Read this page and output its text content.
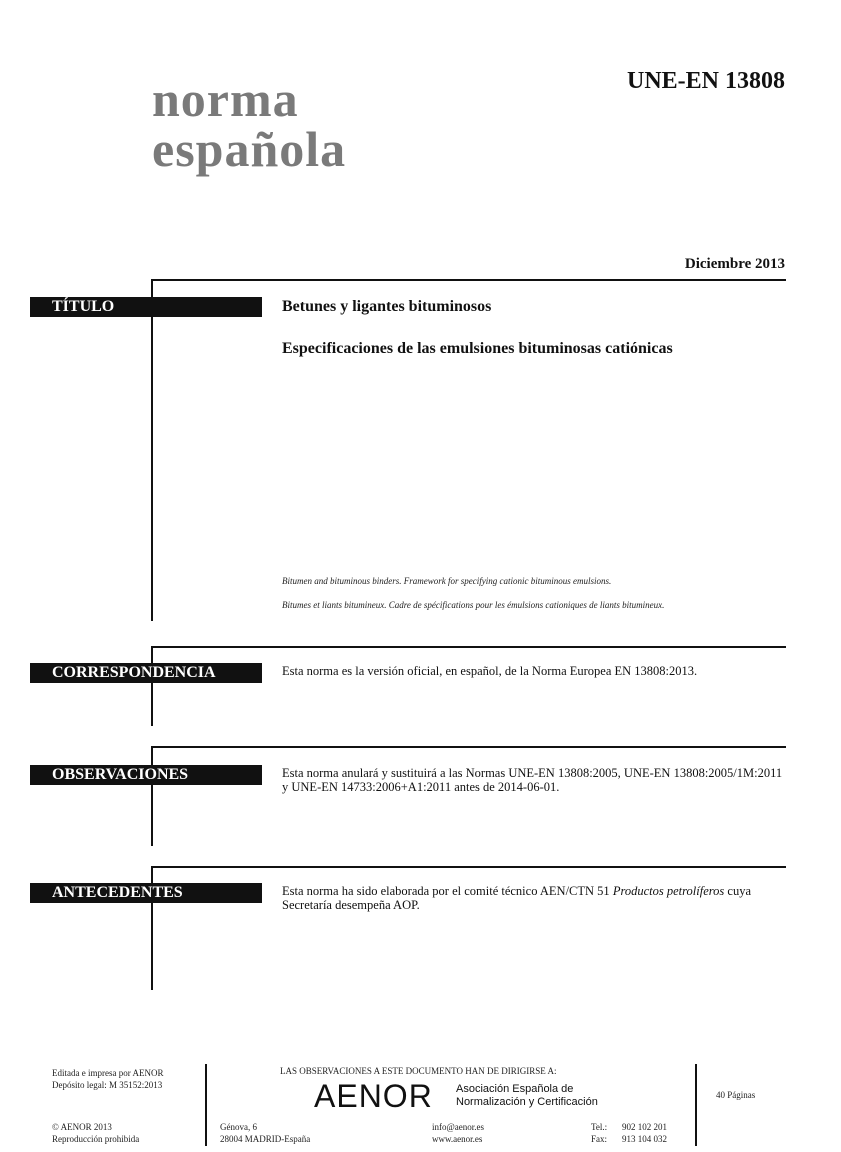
norma
española
UNE-EN 13808
Diciembre 2013
TÍTULO	Betunes y ligantes bituminosos
Especificaciones de las emulsiones bituminosas catiónicas
Bitumen and bituminous binders. Framework for specifying cationic bituminous emulsions.
Bitumes et liants bitumineux. Cadre de spécifications pour les émulsions cationiques de liants bitumineux.
CORRESPONDENCIA	Esta norma es la versión oficial, en español, de la Norma Europea EN 13808:2013.
OBSERVACIONES	Esta norma anulará y sustituirá a las Normas UNE-EN 13808:2005, UNE-EN 13808:2005/1M:2011 y UNE-EN 14733:2006+A1:2011 antes de 2014-06-01.
ANTECEDENTES	Esta norma ha sido elaborada por el comité técnico AEN/CTN 51 Productos petrolíferos cuya Secretaría desempeña AOP.
Editada e impresa por AENOR
Depósito legal: M 35152:2013
© AENOR 2013
Reproducción prohibida
LAS OBSERVACIONES A ESTE DOCUMENTO HAN DE DIRIGIRSE A:
AENOR Asociación Española de
Normalización y Certificación
Génova, 6
28004 MADRID-España
info@aenor.es
www.aenor.es
Tel.: 902 102 201
Fax: 913 104 032
40 Páginas
